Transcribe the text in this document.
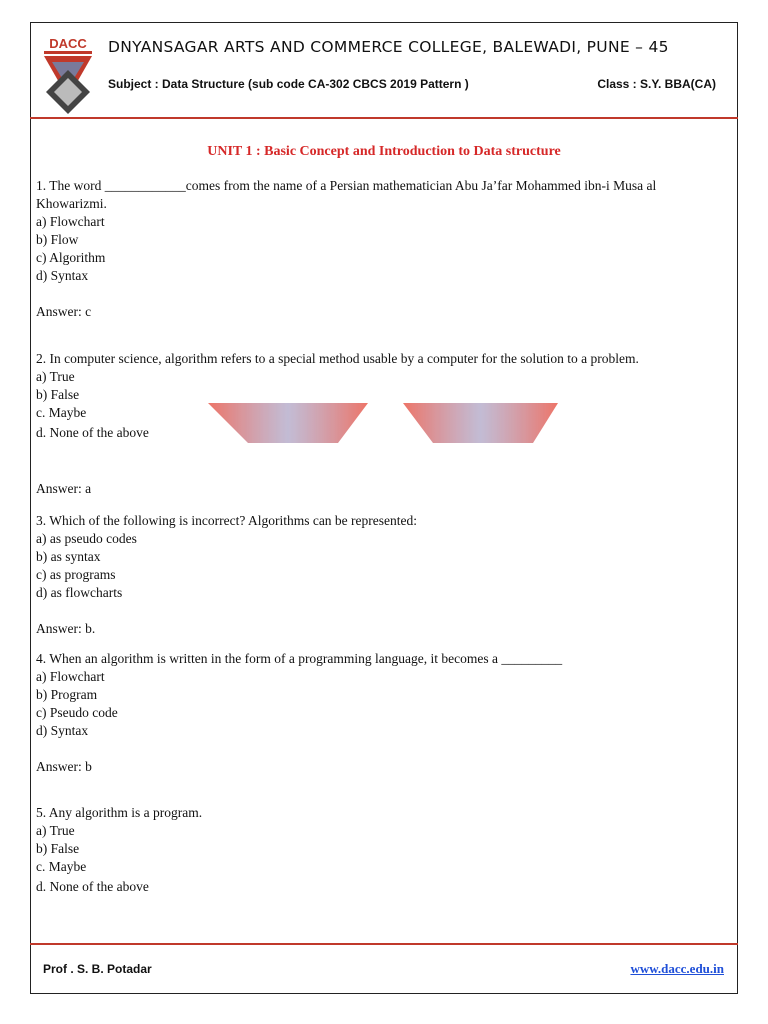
DACC DNYANSAGAR ARTS AND COMMERCE COLLEGE, BALEWADI, PUNE – 45
Subject : Data Structure (sub code CA-302 CBCS 2019 Pattern )	Class : S.Y. BBA(CA)
UNIT 1 : Basic Concept and Introduction to Data structure
1. The word ____________comes from the name of a Persian mathematician Abu Ja’far Mohammed ibn-i Musa al
Khowarizmi.
a) Flowchart
b) Flow
c) Algorithm
d) Syntax
Answer: c
2. In computer science, algorithm refers to a special method usable by a computer for the solution to a problem.
a) True
b) False
c. Maybe
d. None of the above
Answer: a
3. Which of the following is incorrect? Algorithms can be represented:
a) as pseudo codes
b) as syntax
c) as programs
d) as flowcharts
Answer: b.
4. When an algorithm is written in the form of a programming language, it becomes a _________
a) Flowchart
b) Program
c) Pseudo code
d) Syntax
Answer: b
5. Any algorithm is a program.
a) True
b) False
c. Maybe
d. None of the above
Prof . S. B. Potadar	www.dacc.edu.in
